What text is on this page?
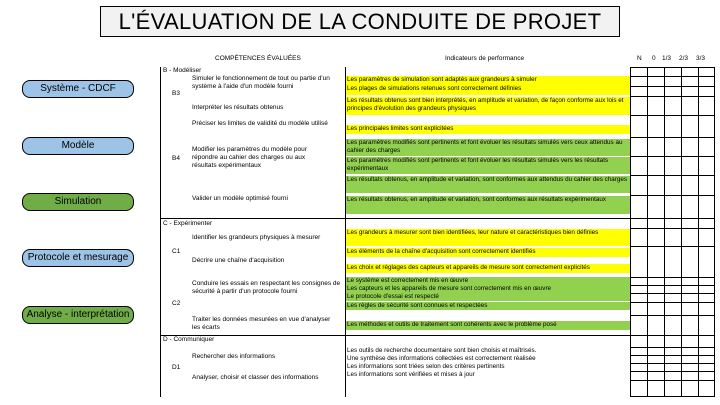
L'ÉVALUATION DE LA CONDUITE DE PROJET
COMPÉTENCES ÉVALUÉES	Indicateurs de performance	N 0 1/3 2/3 3/3
Système - CDCF
Modèle
Simulation
Protocole et mesurage
Analyse - interprétation
B - Modéliser
C - Expérimenter
D - Communiquer
B3
B4
C1
C2
D1
Simuler le fonctionnement de tout ou partie d'un système à l'aide d'un modèle fourni
Interpréter les résultats obtenus
Préciser les limites de validité du modèle utilisé
Modifier les paramètres du modèle pour répondre au cahier des charges ou aux résultats expérimentaux
Valider un modèle optimisé fourni
Identifier les grandeurs physiques à mesurer
Décrire une chaîne d'acquisition
Conduire les essais en respectant les consignes de sécurité à partir d'un protocole fourni
Traiter les données mesurées en vue d'analyser les écarts
Rechercher des informations
Analyser, choisir et classer des informations
Les paramètres de simulation sont adaptés aux grandeurs à simuler
Les plages de simulations retenues sont correctement définies
Les résultats obtenus sont bien interprétés, en amplitude et variation, de façon conforme aux lois et principes d'évolution des grandeurs physiques
Les principales limites sont explicitées
Les paramètres modifiés sont pertinents et font évoluer les résultats simulés vers ceux attendus au cahier des charges
Les paramètres modifiés sont pertinents et font évoluer les résultats simulés vers les résultats expérimentaux
Les résultats obtenus, en amplitude et variation, sont conformes aux attendus du cahier des charges
Les résultats obtenus, en amplitude et variation, sont conformes aux résultats expérimentaux
Les grandeurs à mesurer sont bien identifiées, leur nature et caractéristiques bien définies
Les éléments de la chaîne d'acquisition sont correctement identifiés
Les choix et réglages des capteurs et appareils de mesure sont correctement explicités
Le système est correctement mis en œuvre
Les capteurs et les appareils de mesure sont correctement mis en œuvre
Le protocole d'essai est respecté
Les règles de sécurité sont connues et respectées
Les méthodes et outils de traitement sont cohérents avec le problème posé
Les outils de recherche documentaire sont bien choisis et maîtrisés.
Une synthèse des informations collectées est correctement réalisée
Les informations sont triées selon des critères pertinents
Les informations sont vérifiées et mises à jour
